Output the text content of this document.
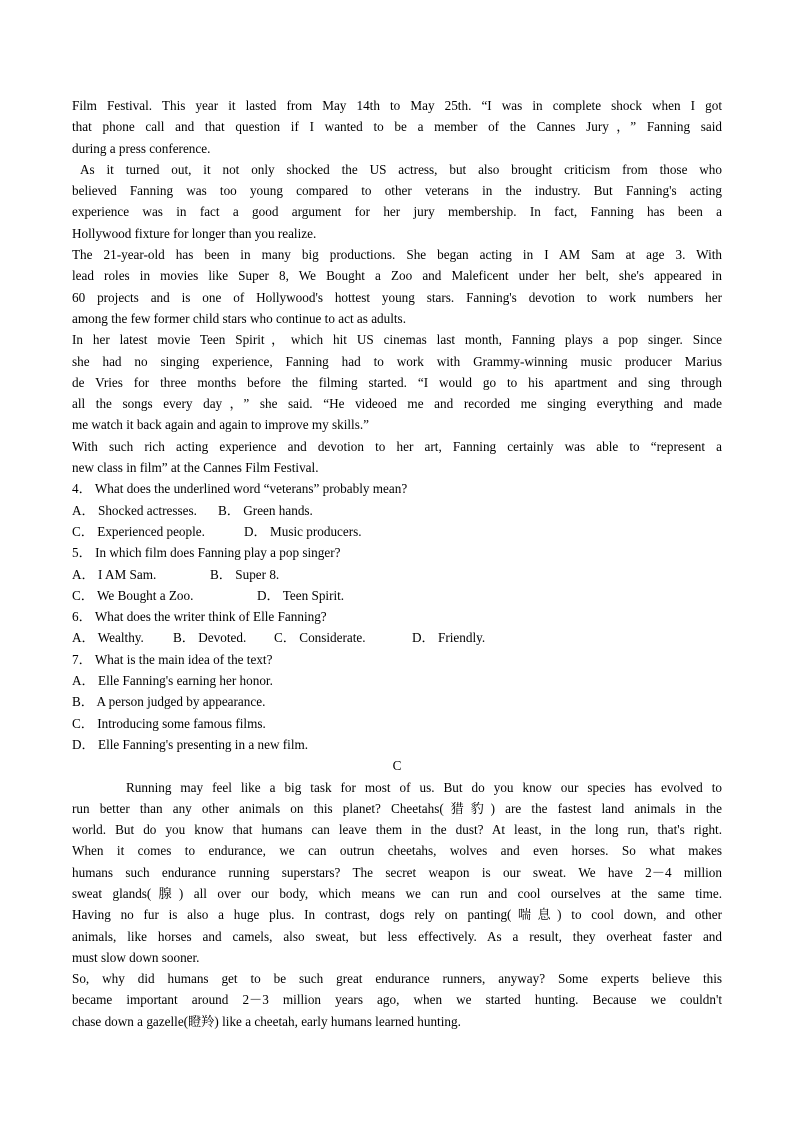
Film Festival. This year it lasted from May 14th to May 25th. “I was in complete shock when I got
that phone call and that question if I wanted to be a member of the Cannes Jury，” Fanning said
during a press conference.
As it turned out, it not only shocked the US actress, but also brought criticism from those who
believed Fanning was too young compared to other veterans in the industry. But Fanning's acting
experience was in fact a good argument for her jury membership. In fact, Fanning has been a
Hollywood fixture for longer than you realize.
The 21-year-old has been in many big productions. She began acting in I AM Sam at age 3. With
lead roles in movies like Super 8, We Bought a Zoo and Maleficent under her belt, she's appeared in
60 projects and is one of Hollywood's hottest young stars. Fanning's devotion to work numbers her
among the few former child stars who continue to act as adults.
In her latest movie Teen Spirit，which hit US cinemas last month, Fanning plays a pop singer. Since
she had no singing experience, Fanning had to work with Grammy-winning music producer Marius
de Vries for three months before the filming started. “I would go to his apartment and sing through
all the songs every day，” she said. “He videoed me and recorded me singing everything and made
me watch it back again and again to improve my skills.”
With such rich acting experience and devotion to her art, Fanning certainly was able to “represent a
new class in film” at the Cannes Film Festival.
4． What does the underlined word “veterans” probably mean?
A． Shocked actresses. B． Green hands.
C． Experienced people.	D． Music producers.
5． In which film does Fanning play a pop singer?
A． I AM Sam.	B． Super 8.
C． We Bought a Zoo.	D． Teen Spirit.
6． What does the writer think of Elle Fanning?
A． Wealthy. B． Devoted. C． Considerate.	D． Friendly.
7． What is the main idea of the text?
A． Elle Fanning's earning her honor.
B． A person judged by appearance.
C． Introducing some famous films.
D． Elle Fanning's presenting in a new film.
C
Running may feel like a big task for most of us. But do you know our species has evolved to
run better than any other animals on this planet? Cheetahs(猎豹) are the fastest land animals in the
world. But do you know that humans can leave them in the dust? At least, in the long run, that's right.
When it comes to endurance, we can outrun cheetahs, wolves and even horses. So what makes
humans such endurance running superstars? The secret weapon is our sweat. We have 2－4 million
sweat glands(腺) all over our body, which means we can run and cool ourselves at the same time.
Having no fur is also a huge plus. In contrast, dogs rely on panting(喘息) to cool down, and other
animals, like horses and camels, also sweat, but less effectively. As a result, they overheat faster and
must slow down sooner.
So, why did humans get to be such great endurance runners, anyway? Some experts believe this
became important around 2－3 million years ago, when we started hunting. Because we couldn't
chase down a gazelle(瞪羚) like a cheetah, early humans learned hunting.
